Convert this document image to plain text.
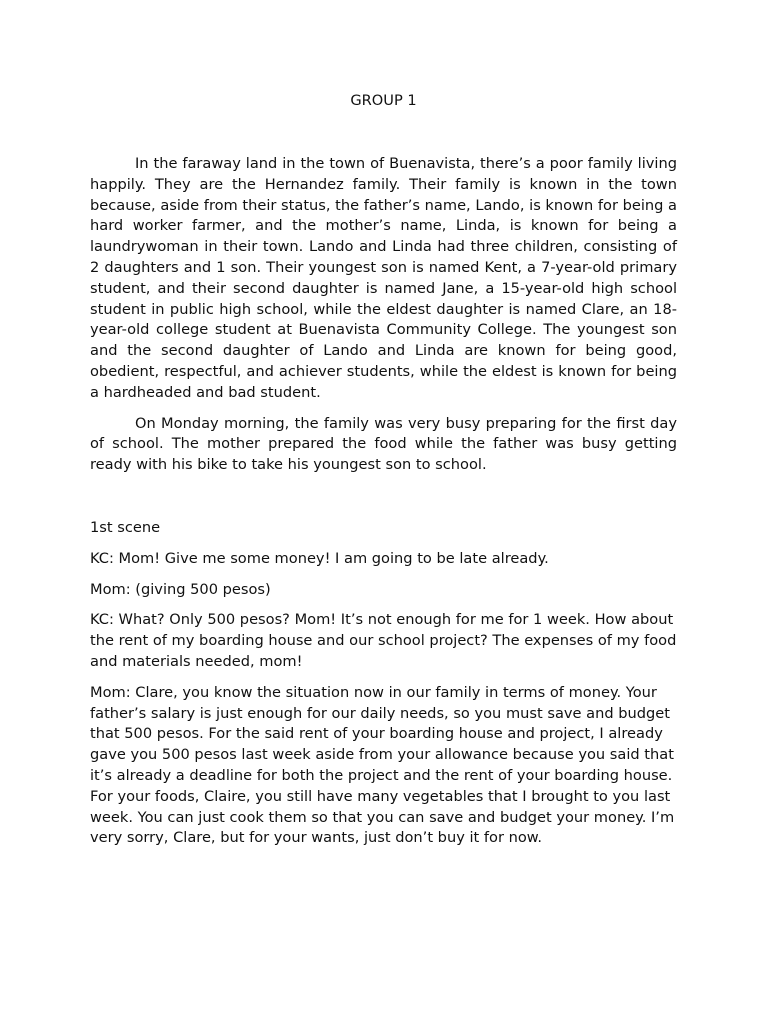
GROUP 1

In the faraway land in the town of Buenavista, there’s a poor family living happily. They are the Hernandez family. Their family is known in the town because, aside from their status, the father’s name, Lando, is known for being a hard worker farmer, and the mother’s name, Linda, is known for being a laundrywoman in their town. Lando and Linda had three children, consisting of 2 daughters and 1 son. Their youngest son is named Kent, a 7-year-old primary student, and their second daughter is named Jane, a 15-year-old high school student in public high school, while the eldest daughter is named Clare, an 18-year-old college student at Buenavista Community College. The youngest son and the second daughter of Lando and Linda are known for being good, obedient, respectful, and achiever students, while the eldest is known for being a hardheaded and bad student.

On Monday morning, the family was very busy preparing for the first day of school. The mother prepared the food while the father was busy getting ready with his bike to take his youngest son to school.

1st scene

KC: Mom! Give me some money! I am going to be late already.

Mom: (giving 500 pesos)

KC: What? Only 500 pesos? Mom! It’s not enough for me for 1 week. How about the rent of my boarding house and our school project? The expenses of my food and materials needed, mom!

Mom: Clare, you know the situation now in our family in terms of money. Your father’s salary is just enough for our daily needs, so you must save and budget that 500 pesos. For the said rent of your boarding house and project, I already gave you 500 pesos last week aside from your allowance because you said that it’s already a deadline for both the project and the rent of your boarding house. For your foods, Claire, you still have many vegetables that I brought to you last week. You can just cook them so that you can save and budget your money. I’m very sorry, Clare, but for your wants, just don’t buy it for now.
